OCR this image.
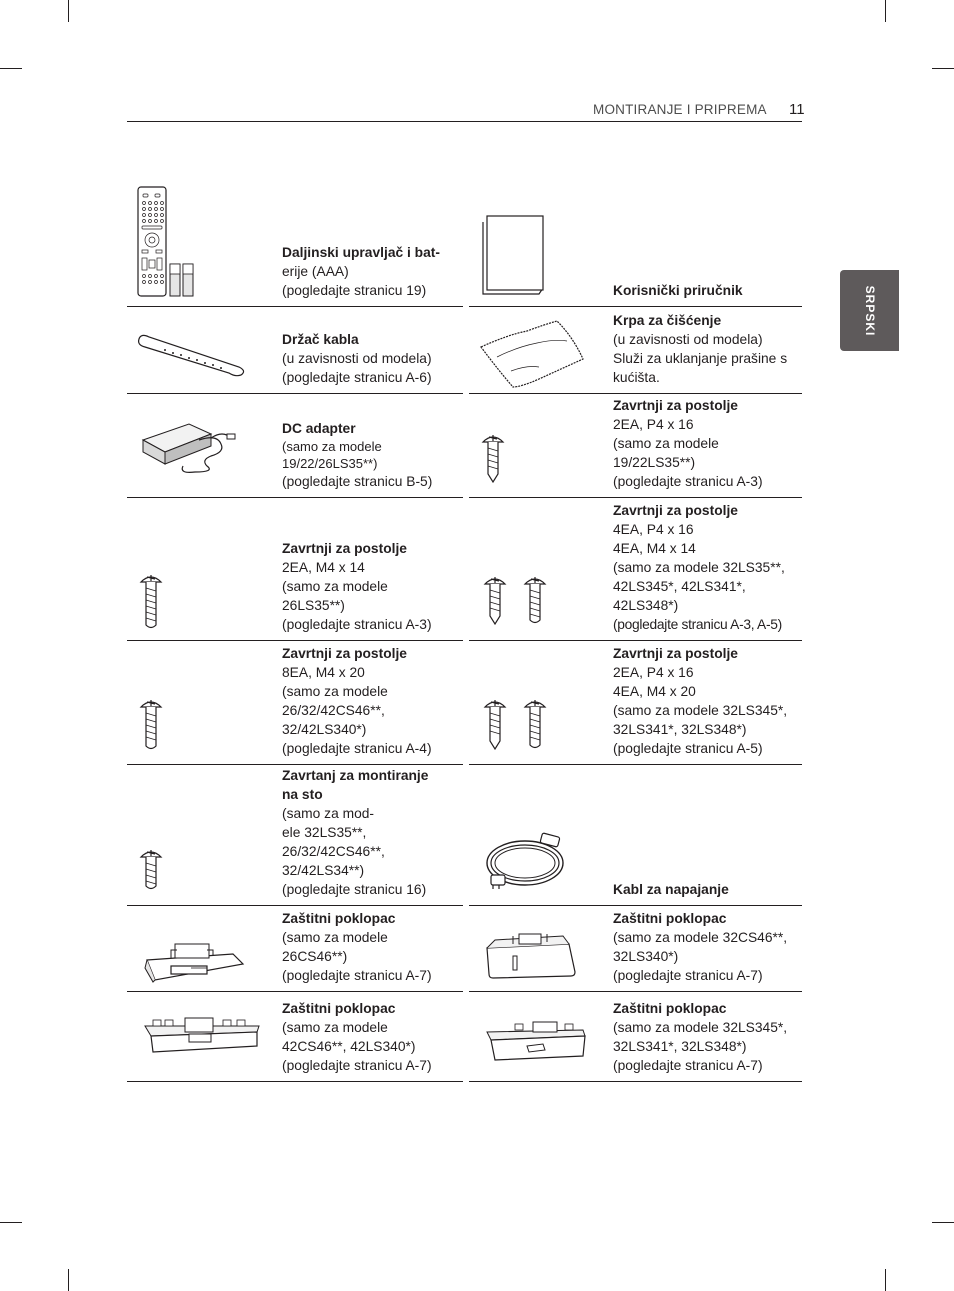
MONTIRANJE I PRIPREMA 11
SRPSKI
Daljinski upravljač i bat-
erije (AAA)
(pogledajte stranicu 19)
Držač kabla
(u zavisnosti od modela)
(pogledajte stranicu A-6)
DC adapter
(samo za modele
19/22/26LS35**)
(pogledajte stranicu B-5)
Zavrtnji za postolje
2EA, M4 x 14
(samo za modele
26LS35**)
(pogledajte stranicu A-3)
Zavrtnji za postolje
8EA, M4 x 20
(samo za modele
26/32/42CS46**,
32/42LS340*)
(pogledajte stranicu A-4)
Zavrtanj za montiranje
na sto
(samo za mod-
ele 32LS35**,
26/32/42CS46**,
32/42LS34**)
(pogledajte stranicu 16)
Zaštitni poklopac
(samo za modele
26CS46**)
(pogledajte stranicu A-7)
Zaštitni poklopac
(samo za modele
42CS46**, 42LS340*)
(pogledajte stranicu A-7)
Korisnički priručnik
Krpa za čišćenje
(u zavisnosti od modela)
Služi za uklanjanje prašine s
kućišta.
Zavrtnji za postolje
2EA, P4 x 16
(samo za modele
19/22LS35**)
(pogledajte stranicu A-3)
Zavrtnji za postolje
4EA, P4 x 16
4EA, M4 x 14
(samo za modele 32LS35**,
42LS345*, 42LS341*,
42LS348*)
(pogledajte stranicu A-3, A-5)
Zavrtnji za postolje
2EA, P4 x 16
4EA, M4 x 20
(samo za modele 32LS345*,
32LS341*, 32LS348*)
(pogledajte stranicu A-5)
Kabl za napajanje
Zaštitni poklopac
(samo za modele 32CS46**,
32LS340*)
(pogledajte stranicu A-7)
Zaštitni poklopac
(samo za modele 32LS345*,
32LS341*, 32LS348*)
(pogledajte stranicu A-7)
